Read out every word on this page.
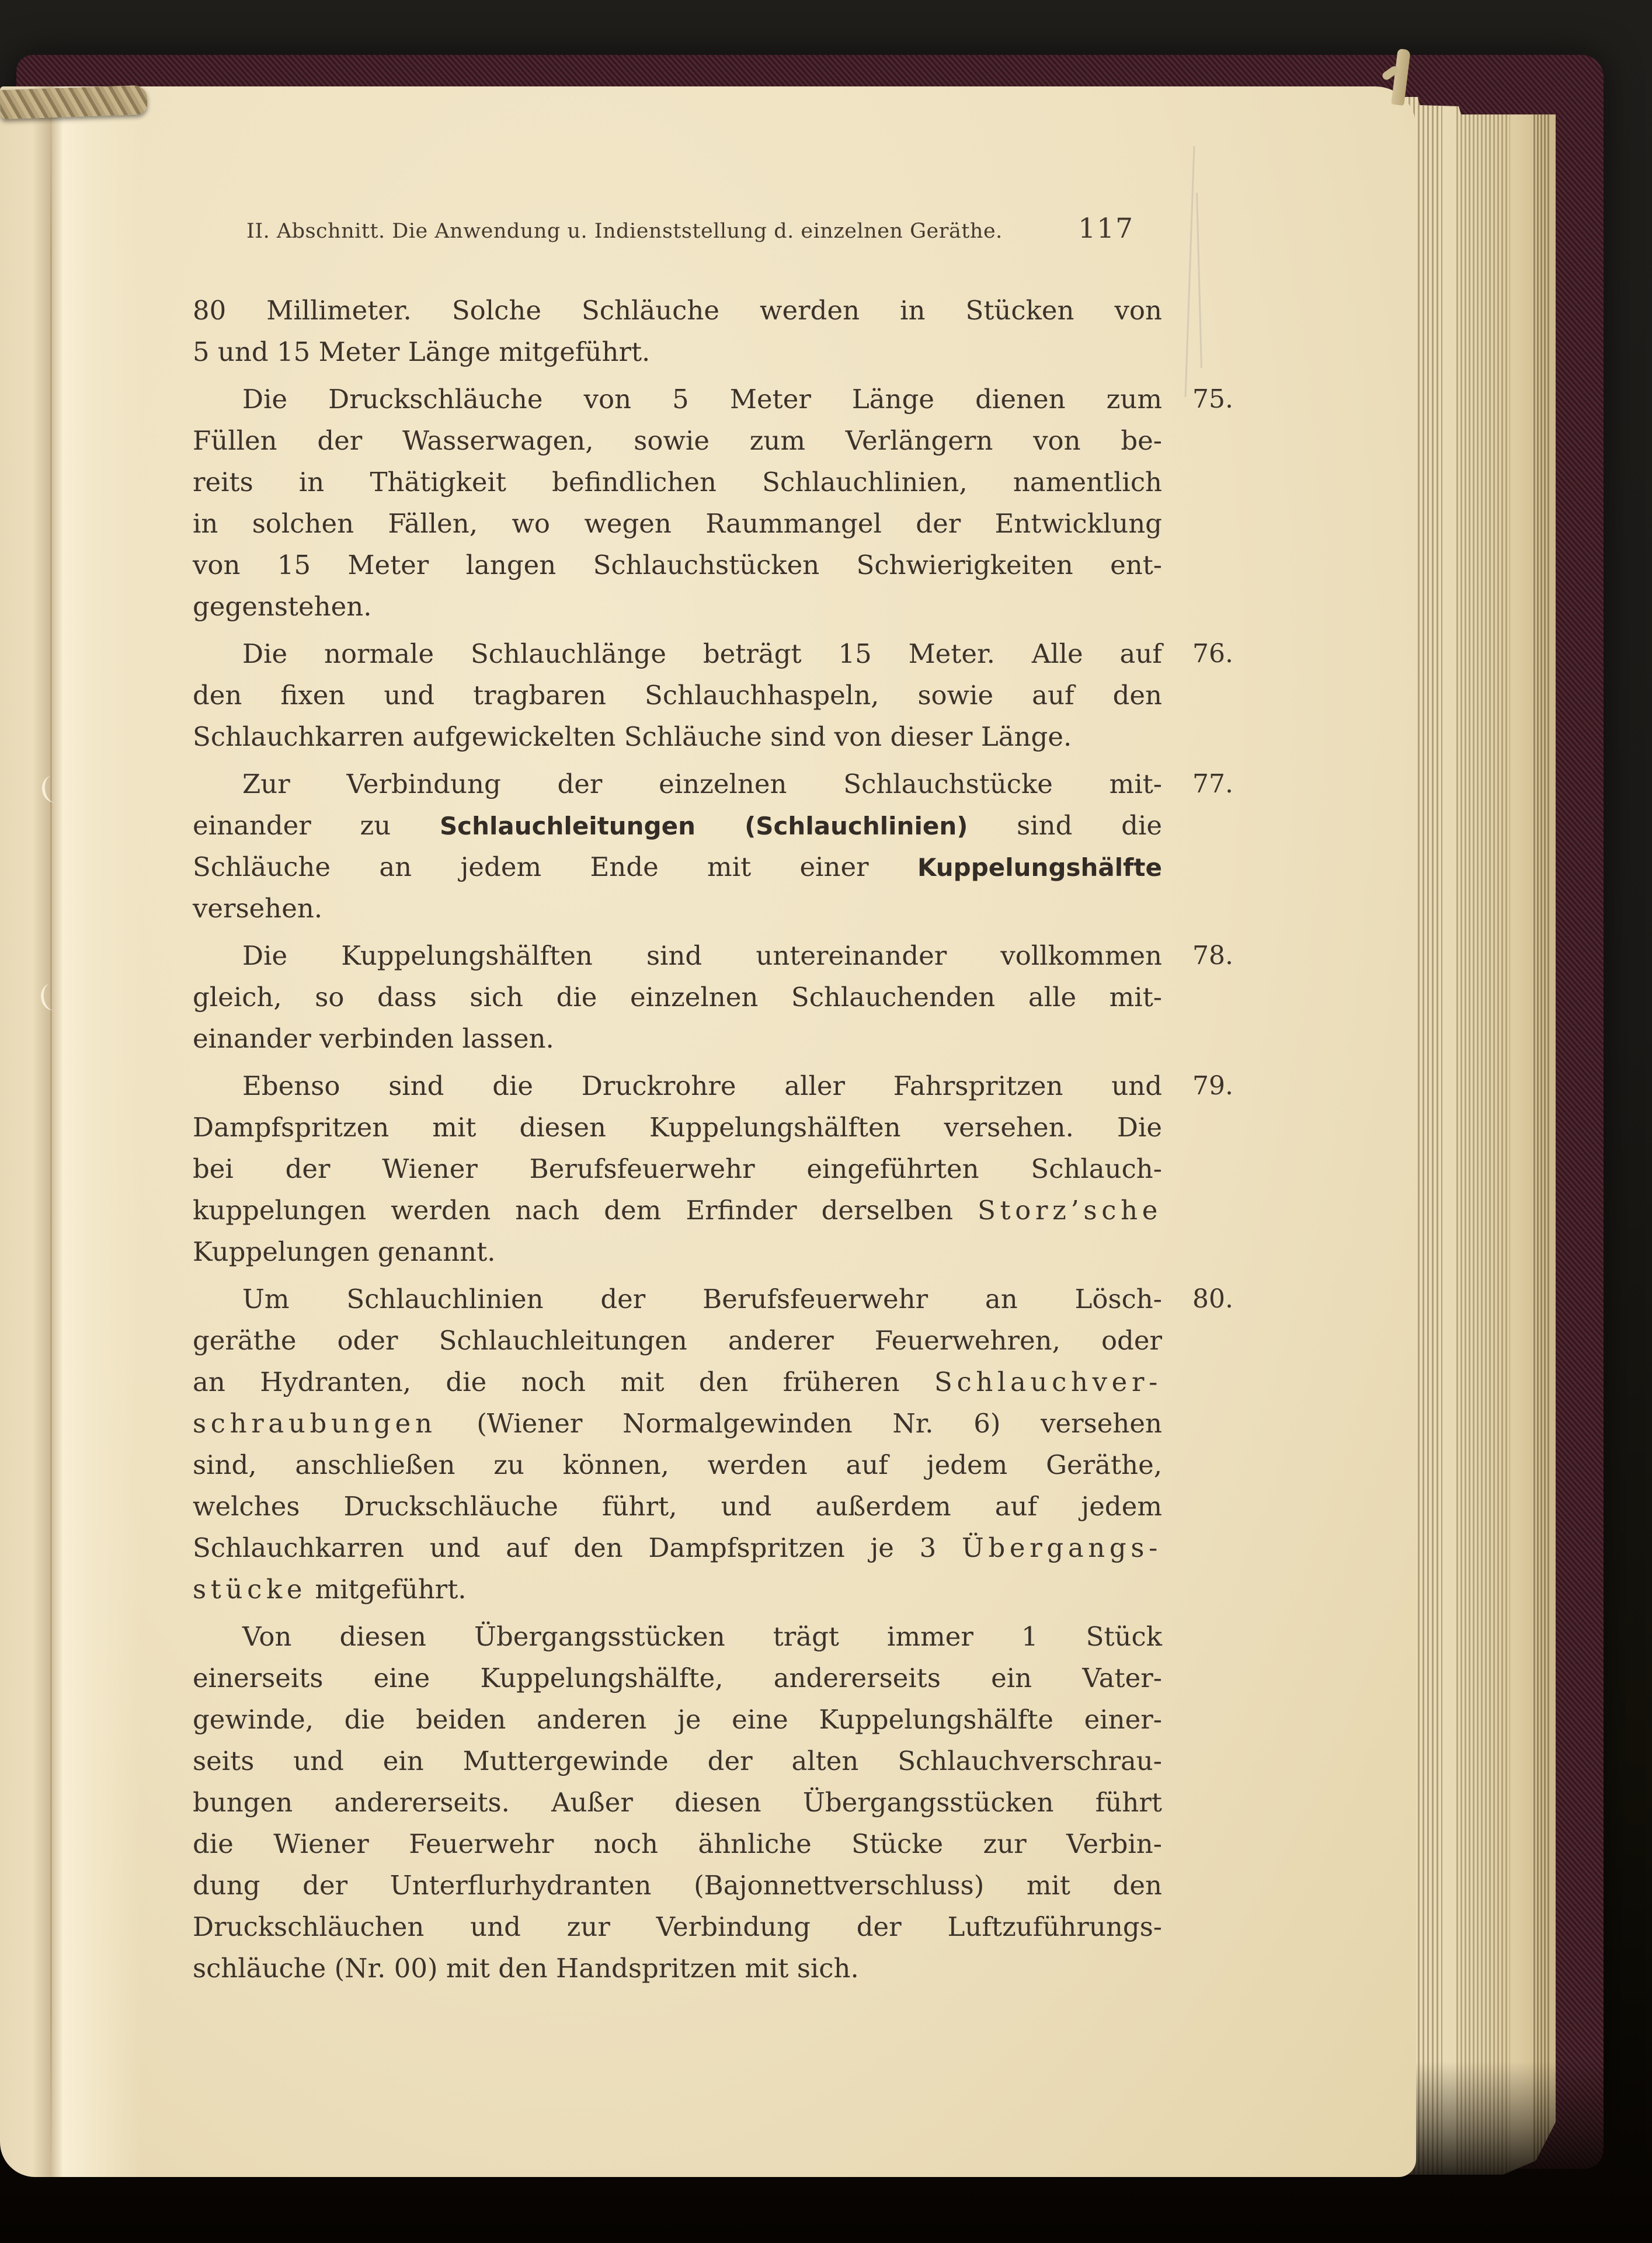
II. Abschnitt. Die Anwendung u. Indienststellung d. einzelnen Geräthe.	117
80 Millimeter. Solche Schläuche werden in Stücken von
5 und 15 Meter Länge mitgeführt.
Die Druckschläuche von 5 Meter Länge dienen zum
Füllen der Wasserwagen, sowie zum Verlängern von be-
reits in Thätigkeit befindlichen Schlauchlinien, namentlich
in solchen Fällen, wo wegen Raummangel der Entwicklung
von 15 Meter langen Schlauchstücken Schwierigkeiten ent-
gegenstehen.
Die normale Schlauchlänge beträgt 15 Meter. Alle auf
den fixen und tragbaren Schlauchhaspeln, sowie auf den
Schlauchkarren aufgewickelten Schläuche sind von dieser Länge.
Zur Verbindung der einzelnen Schlauchstücke mit-
einander zu Schlauchleitungen (Schlauchlinien) sind die
Schläuche an jedem Ende mit einer Kuppelungshälfte
versehen.
Die Kuppelungshälften sind untereinander vollkommen
gleich, so dass sich die einzelnen Schlauchenden alle mit-
einander verbinden lassen.
Ebenso sind die Druckrohre aller Fahrspritzen und
Dampfspritzen mit diesen Kuppelungshälften versehen. Die
bei der Wiener Berufsfeuerwehr eingeführten Schlauch-
kuppelungen werden nach dem Erfinder derselben Storz’sche
Kuppelungen genannt.
Um Schlauchlinien der Berufsfeuerwehr an Lösch-
geräthe oder Schlauchleitungen anderer Feuerwehren, oder
an Hydranten, die noch mit den früheren Schlauchver-
schraubungen (Wiener Normalgewinden Nr. 6) versehen
sind, anschließen zu können, werden auf jedem Geräthe,
welches Druckschläuche führt, und außerdem auf jedem
Schlauchkarren und auf den Dampfspritzen je 3 Übergangs-
stücke mitgeführt.
Von diesen Übergangsstücken trägt immer 1 Stück
einerseits eine Kuppelungshälfte, andererseits ein Vater-
gewinde, die beiden anderen je eine Kuppelungshälfte einer-
seits und ein Muttergewinde der alten Schlauchverschrau-
bungen andererseits. Außer diesen Übergangsstücken führt
die Wiener Feuerwehr noch ähnliche Stücke zur Verbin-
dung der Unterflurhydranten (Bajonnettverschluss) mit den
Druckschläuchen und zur Verbindung der Luftzuführungs-
schläuche (Nr. 00) mit den Handspritzen mit sich.
75.
76.
77.
78.
79.
80.
